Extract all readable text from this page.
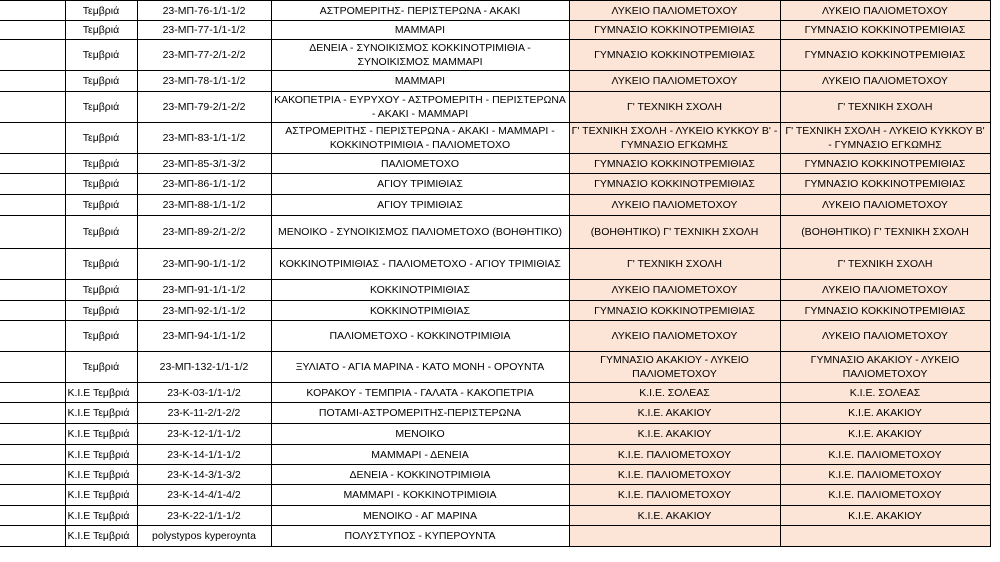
	Τεμβριά	23-ΜΠ-76-1/1-1/2	ΑΣΤΡΟΜΕΡΙΤΗΣ- ΠΕΡΙΣΤΕΡΩΝΑ - ΑΚΑΚΙ	ΛΥΚΕΙΟ ΠΑΛΙΟΜΕΤΟΧΟΥ	ΛΥΚΕΙΟ ΠΑΛΙΟΜΕΤΟΧΟΥ
	Τεμβριά	23-ΜΠ-77-1/1-1/2	ΜΑΜΜΑΡΙ	ΓΥΜΝΑΣΙΟ ΚΟΚΚΙΝΟΤΡΕΜΙΘΙΑΣ	ΓΥΜΝΑΣΙΟ ΚΟΚΚΙΝΟΤΡΕΜΙΘΙΑΣ
	Τεμβριά	23-ΜΠ-77-2/1-2/2	ΔΕΝΕΙΑ - ΣΥΝΟΙΚΙΣΜΟΣ ΚΟΚΚΙΝΟΤΡΙΜΙΘΙΑ - ΣΥΝΟΙΚΙΣΜΟΣ ΜΑΜΜΑΡΙ	ΓΥΜΝΑΣΙΟ ΚΟΚΚΙΝΟΤΡΕΜΙΘΙΑΣ	ΓΥΜΝΑΣΙΟ ΚΟΚΚΙΝΟΤΡΕΜΙΘΙΑΣ
	Τεμβριά	23-ΜΠ-78-1/1-1/2	ΜΑΜΜΑΡΙ	ΛΥΚΕΙΟ ΠΑΛΙΟΜΕΤΟΧΟΥ	ΛΥΚΕΙΟ ΠΑΛΙΟΜΕΤΟΧΟΥ
	Τεμβριά	23-ΜΠ-79-2/1-2/2	ΚΑΚΟΠΕΤΡΙΑ - ΕΥΡΥΧΟΥ - ΑΣΤΡΟΜΕΡΙΤΗ - ΠΕΡΙΣΤΕΡΩΝΑ - ΑΚΑΚΙ - ΜΑΜΜΑΡΙ	Γ' ΤΕΧΝΙΚΗ ΣΧΟΛΗ	Γ' ΤΕΧΝΙΚΗ ΣΧΟΛΗ
	Τεμβριά	23-ΜΠ-83-1/1-1/2	ΑΣΤΡΟΜΕΡΙΤΗΣ - ΠΕΡΙΣΤΕΡΩΝΑ - ΑΚΑΚΙ - ΜΑΜΜΑΡΙ - ΚΟΚΚΙΝΟΤΡΙΜΙΘΙΑ - ΠΑΛΙΟΜΕΤΟΧΟ	Γ' ΤΕΧΝΙΚΗ ΣΧΟΛΗ - ΛΥΚΕΙΟ ΚΥΚΚΟΥ Β' - ΓΥΜΝΑΣΙΟ ΕΓΚΩΜΗΣ	Γ' ΤΕΧΝΙΚΗ ΣΧΟΛΗ - ΛΥΚΕΙΟ ΚΥΚΚΟΥ Β' - ΓΥΜΝΑΣΙΟ ΕΓΚΩΜΗΣ
	Τεμβριά	23-ΜΠ-85-3/1-3/2	ΠΑΛΙΟΜΕΤΟΧΟ	ΓΥΜΝΑΣΙΟ ΚΟΚΚΙΝΟΤΡΕΜΙΘΙΑΣ	ΓΥΜΝΑΣΙΟ ΚΟΚΚΙΝΟΤΡΕΜΙΘΙΑΣ
	Τεμβριά	23-ΜΠ-86-1/1-1/2	ΑΓΙΟΥ ΤΡΙΜΙΘΙΑΣ	ΓΥΜΝΑΣΙΟ ΚΟΚΚΙΝΟΤΡΕΜΙΘΙΑΣ	ΓΥΜΝΑΣΙΟ ΚΟΚΚΙΝΟΤΡΕΜΙΘΙΑΣ
	Τεμβριά	23-ΜΠ-88-1/1-1/2	ΑΓΙΟΥ ΤΡΙΜΙΘΙΑΣ	ΛΥΚΕΙΟ ΠΑΛΙΟΜΕΤΟΧΟΥ	ΛΥΚΕΙΟ ΠΑΛΙΟΜΕΤΟΧΟΥ
	Τεμβριά	23-ΜΠ-89-2/1-2/2	ΜΕΝΟΙΚΟ - ΣΥΝΟΙΚΙΣΜΟΣ ΠΑΛΙΟΜΕΤΟΧΟ (ΒΟΗΘΗΤΙΚΟ)	(ΒΟΗΘΗΤΙΚΟ) Γ' ΤΕΧΝΙΚΗ ΣΧΟΛΗ	(ΒΟΗΘΗΤΙΚΟ) Γ' ΤΕΧΝΙΚΗ ΣΧΟΛΗ
	Τεμβριά	23-ΜΠ-90-1/1-1/2	ΚΟΚΚΙΝΟΤΡΙΜΙΘΙΑΣ - ΠΑΛΙΟΜΕΤΟΧΟ - ΑΓΙΟΥ ΤΡΙΜΙΘΙΑΣ	Γ' ΤΕΧΝΙΚΗ ΣΧΟΛΗ	Γ' ΤΕΧΝΙΚΗ ΣΧΟΛΗ
	Τεμβριά	23-ΜΠ-91-1/1-1/2	ΚΟΚΚΙΝΟΤΡΙΜΙΘΙΑΣ	ΛΥΚΕΙΟ ΠΑΛΙΟΜΕΤΟΧΟΥ	ΛΥΚΕΙΟ ΠΑΛΙΟΜΕΤΟΧΟΥ
	Τεμβριά	23-ΜΠ-92-1/1-1/2	ΚΟΚΚΙΝΟΤΡΙΜΙΘΙΑΣ	ΓΥΜΝΑΣΙΟ ΚΟΚΚΙΝΟΤΡΕΜΙΘΙΑΣ	ΓΥΜΝΑΣΙΟ ΚΟΚΚΙΝΟΤΡΕΜΙΘΙΑΣ
	Τεμβριά	23-ΜΠ-94-1/1-1/2	ΠΑΛΙΟΜΕΤΟΧΟ - ΚΟΚΚΙΝΟΤΡΙΜΙΘΙΑ	ΛΥΚΕΙΟ ΠΑΛΙΟΜΕΤΟΧΟΥ	ΛΥΚΕΙΟ ΠΑΛΙΟΜΕΤΟΧΟΥ
	Τεμβριά	23-ΜΠ-132-1/1-1/2	ΞΥΛΙΑΤΟ - ΑΓΙΑ ΜΑΡΙΝΑ - ΚΑΤΟ ΜΟΝΗ - ΟΡΟΥΝΤΑ	ΓΥΜΝΑΣΙΟ ΑΚΑΚΙΟΥ - ΛΥΚΕΙΟ ΠΑΛΙΟΜΕΤΟΧΟΥ	ΓΥΜΝΑΣΙΟ ΑΚΑΚΙΟΥ - ΛΥΚΕΙΟ ΠΑΛΙΟΜΕΤΟΧΟΥ
	Κ.Ι.Ε Τεμβριά	23-Κ-03-1/1-1/2	ΚΟΡΑΚΟΥ - ΤΕΜΠΡΙΑ - ΓΑΛΑΤΑ - ΚΑΚΟΠΕΤΡΙΑ	Κ.Ι.Ε. ΣΟΛΕΑΣ	Κ.Ι.Ε. ΣΟΛΕΑΣ
	Κ.Ι.Ε Τεμβριά	23-Κ-11-2/1-2/2	ΠΟΤΑΜΙ-ΑΣΤΡΟΜΕΡΙΤΗΣ-ΠΕΡΙΣΤΕΡΩΝΑ	Κ.Ι.Ε. ΑΚΑΚΙΟΥ	Κ.Ι.Ε. ΑΚΑΚΙΟΥ
	Κ.Ι.Ε Τεμβριά	23-Κ-12-1/1-1/2	ΜΕΝΟΙΚΟ	Κ.Ι.Ε. ΑΚΑΚΙΟΥ	Κ.Ι.Ε. ΑΚΑΚΙΟΥ
	Κ.Ι.Ε Τεμβριά	23-Κ-14-1/1-1/2	ΜΑΜΜΑΡΙ - ΔΕΝΕΙΑ	Κ.Ι.Ε. ΠΑΛΙΟΜΕΤΟΧΟΥ	Κ.Ι.Ε. ΠΑΛΙΟΜΕΤΟΧΟΥ
	Κ.Ι.Ε Τεμβριά	23-Κ-14-3/1-3/2	ΔΕΝΕΙΑ - ΚΟΚΚΙΝΟΤΡΙΜΙΘΙΑ	Κ.Ι.Ε. ΠΑΛΙΟΜΕΤΟΧΟΥ	Κ.Ι.Ε. ΠΑΛΙΟΜΕΤΟΧΟΥ
	Κ.Ι.Ε Τεμβριά	23-Κ-14-4/1-4/2	ΜΑΜΜΑΡΙ - ΚΟΚΚΙΝΟΤΡΙΜΙΘΙΑ	Κ.Ι.Ε. ΠΑΛΙΟΜΕΤΟΧΟΥ	Κ.Ι.Ε. ΠΑΛΙΟΜΕΤΟΧΟΥ
	Κ.Ι.Ε Τεμβριά	23-Κ-22-1/1-1/2	ΜΕΝΟΙΚΟ - ΑΓ ΜΑΡΙΝΑ	Κ.Ι.Ε. ΑΚΑΚΙΟΥ	Κ.Ι.Ε. ΑΚΑΚΙΟΥ
	Κ.Ι.Ε Τεμβριά	polystypos kyperoynta	ΠΟΛΥΣΤΥΠΟΣ - ΚΥΠΕΡΟΥΝΤΑ		
